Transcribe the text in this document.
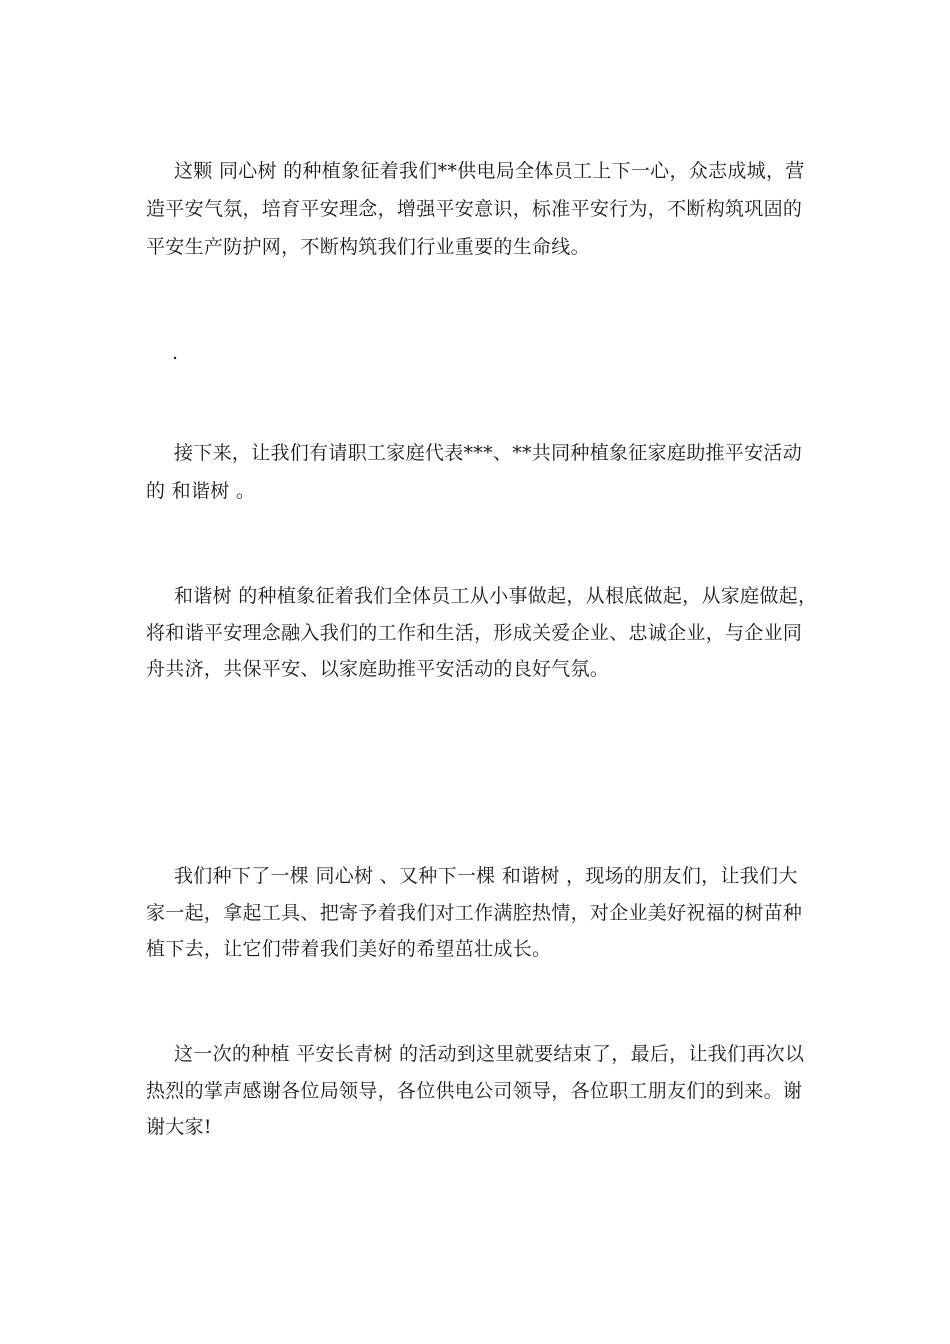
这颗 同心树 的种植象征着我们**供电局全体员工上下一心，众志成城，营
造平安气氛，培育平安理念，增强平安意识，标准平安行为，不断构筑巩固的
平安生产防护网，不断构筑我们行业重要的生命线。
.
接下来，让我们有请职工家庭代表***、**共同种植象征家庭助推平安活动
的 和谐树 。
和谐树 的种植象征着我们全体员工从小事做起，从根底做起，从家庭做起，
将和谐平安理念融入我们的工作和生活，形成关爱企业、忠诚企业，与企业同
舟共济，共保平安、以家庭助推平安活动的良好气氛。
我们种下了一棵 同心树 、又种下一棵 和谐树 ，现场的朋友们，让我们大
家一起，拿起工具、把寄予着我们对工作满腔热情，对企业美好祝福的树苗种
植下去，让它们带着我们美好的希望茁壮成长。
这一次的种植 平安长青树 的活动到这里就要结束了，最后，让我们再次以
热烈的掌声感谢各位局领导，各位供电公司领导，各位职工朋友们的到来。谢
谢大家!
